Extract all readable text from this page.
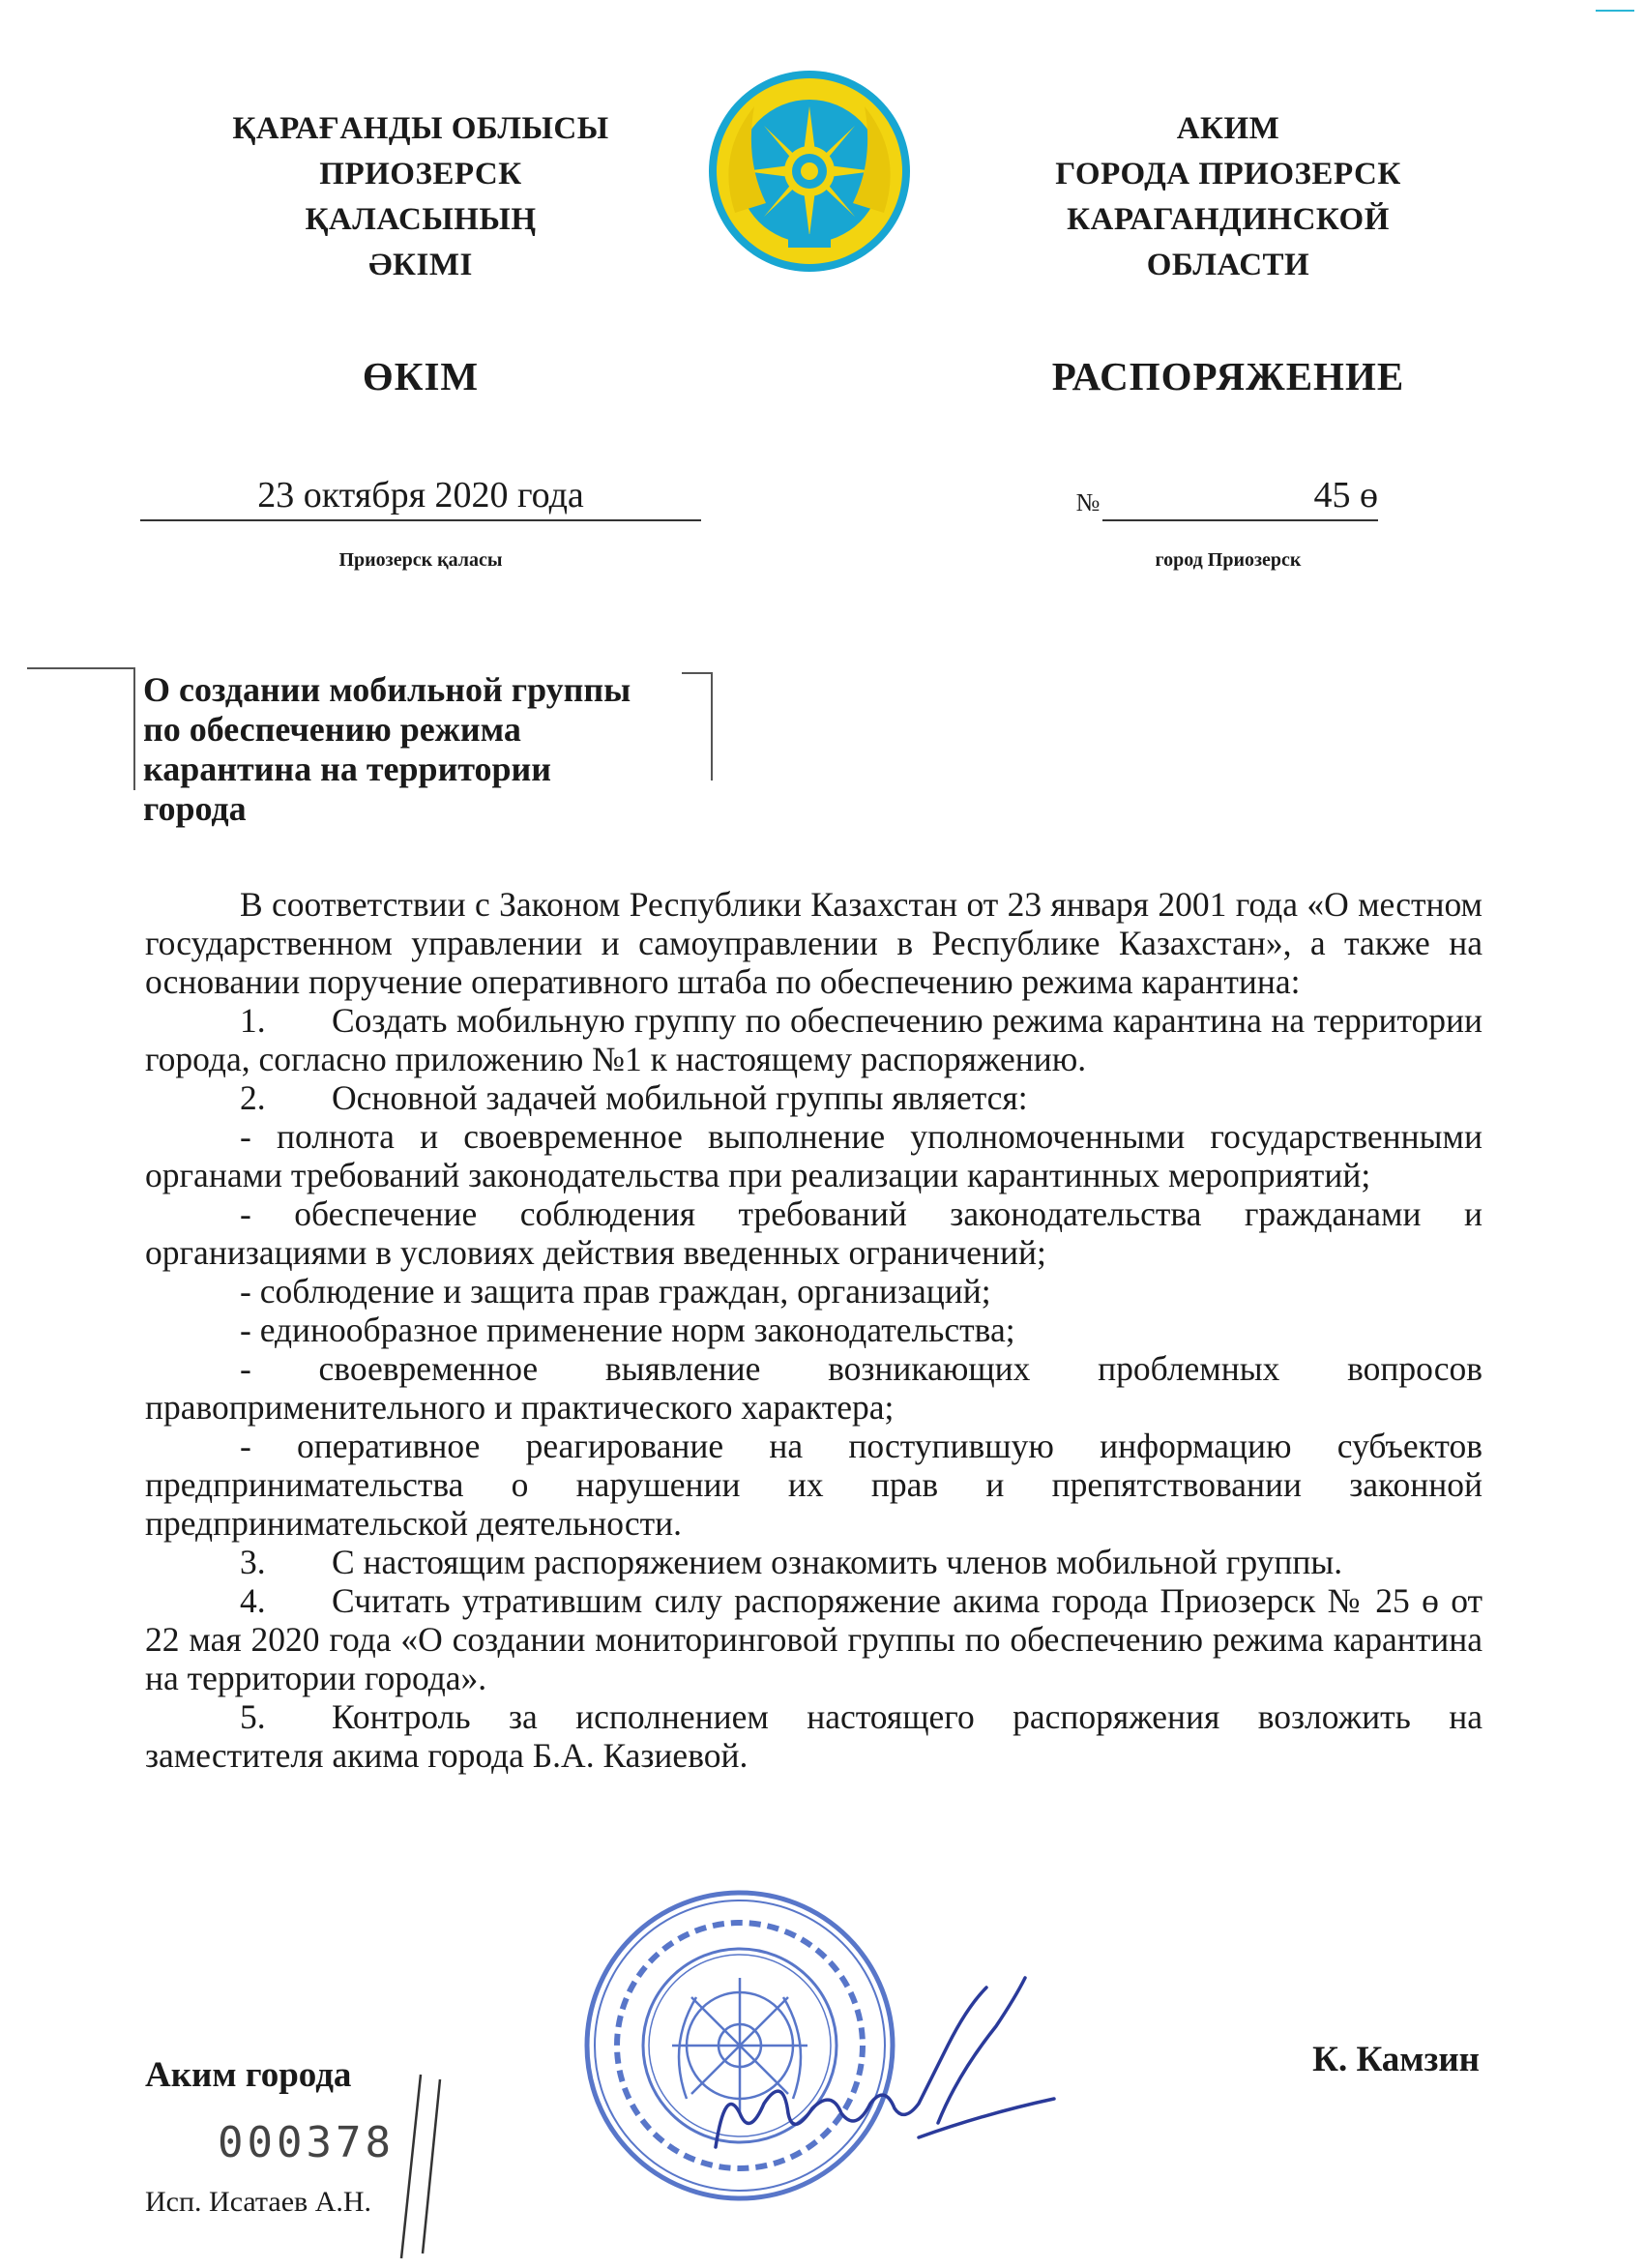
ҚАРАҒАНДЫ ОБЛЫСЫ
ПРИОЗЕРСК
ҚАЛАСЫНЫҢ
ӘКІМІ
АКИМ
ГОРОДА ПРИОЗЕРСК
КАРАГАНДИНСКОЙ
ОБЛАСТИ
ӨКІМ	РАСПОРЯЖЕНИЕ
23 октября 2020 года
Приозерск қаласы
№	45 ө
город Приозерск
О создании мобильной группы
по обеспечению режима
карантина на территории
города

В соответствии с Законом Республики Казахстан от 23 января 2001 года «О местном государственном управлении и самоуправлении в Республике Казахстан», а также на основании поручение оперативного штаба по обеспечению режима карантина:

1. Создать мобильную группу по обеспечению режима карантина на территории города, согласно приложению №1 к настоящему распоряжению.

2. Основной задачей мобильной группы является:

- полнота и своевременное выполнение уполномоченными государственными органами требований законодательства при реализации карантинных мероприятий;

- обеспечение соблюдения требований законодательства гражданами и организациями в условиях действия введенных ограничений;

- соблюдение и защита прав граждан, организаций;

- единообразное применение норм законодательства;

- своевременное выявление возникающих проблемных вопросов правоприменительного и практического характера;

- оперативное реагирование на поступившую информацию субъектов предпринимательства о нарушении их прав и препятствовании законной предпринимательской деятельности.

3. С настоящим распоряжением ознакомить членов мобильной группы.

4. Считать утратившим силу распоряжение акима города Приозерск № 25 ө от 22 мая 2020 года «О создании мониторинговой группы по обеспечению режима карантина на территории города».

5. Контроль за исполнением настоящего распоряжения возложить на заместителя акима города Б.А. Казиевой.

Аким города	К. Камзин
000378
Исп. Исатаев А.Н.
